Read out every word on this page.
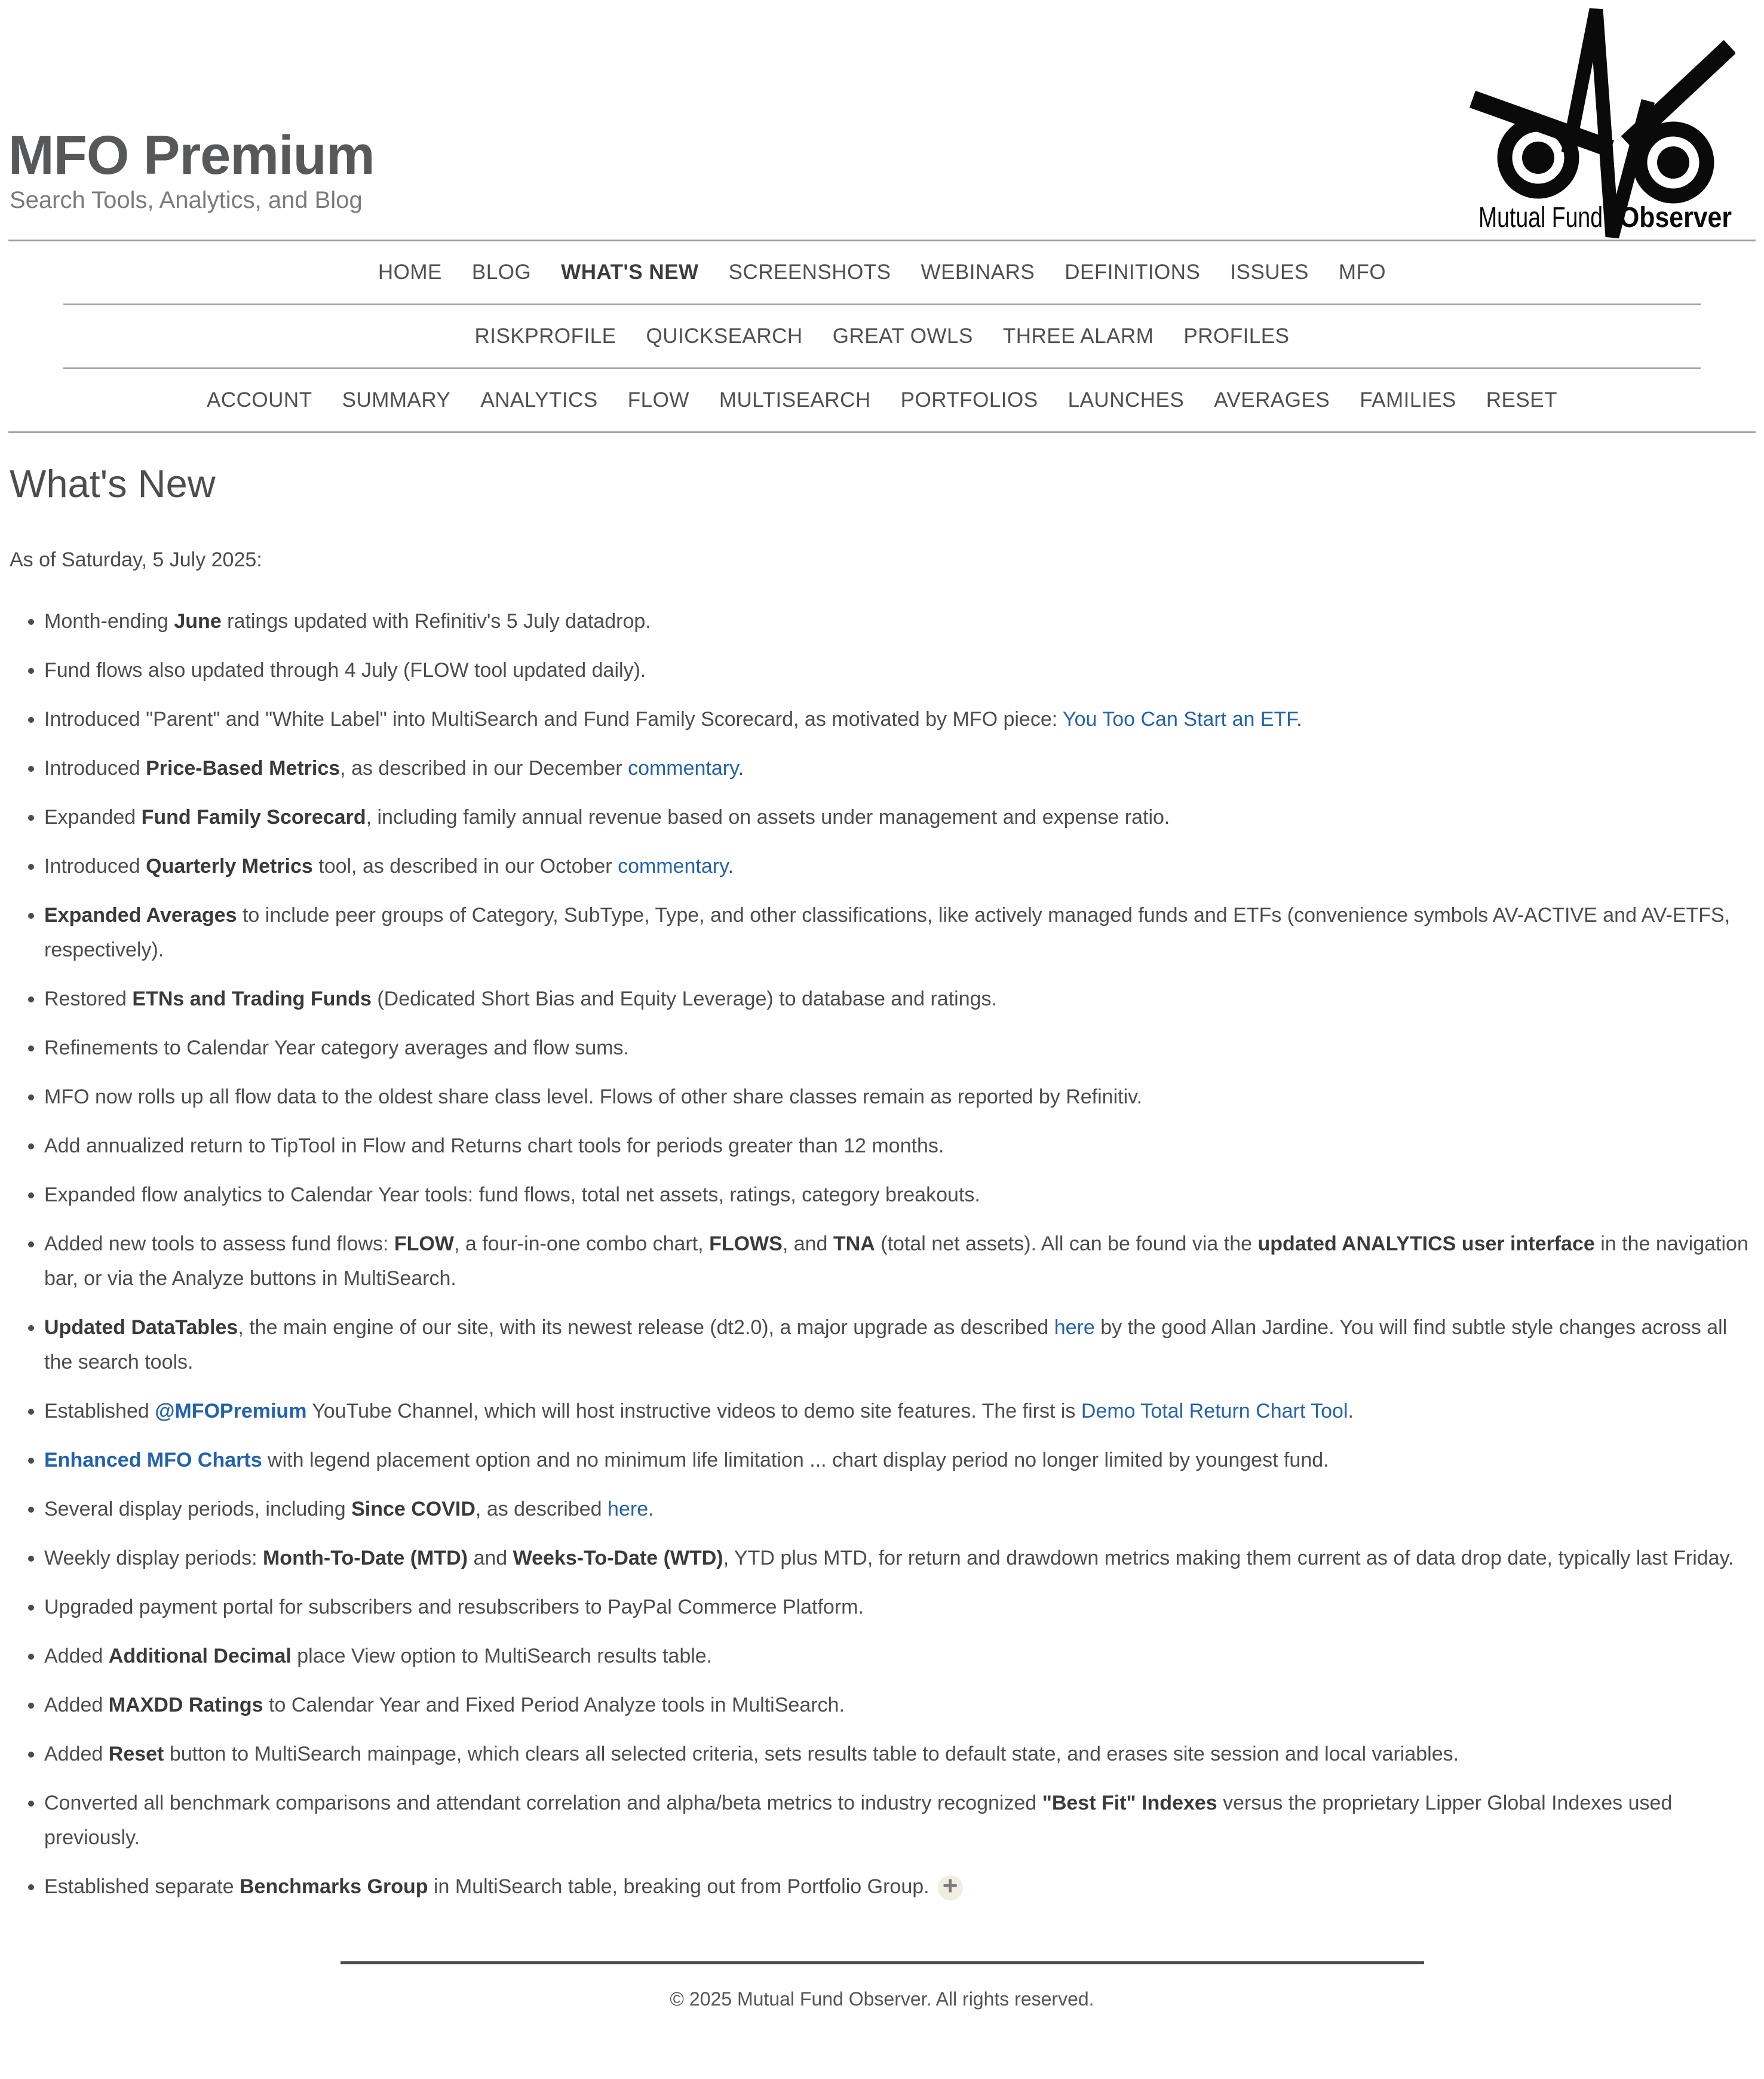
MFO Premium
Search Tools, Analytics, and Blog
Mutual Fund Observer
HOME	BLOG	WHAT'S NEW	SCREENSHOTS	WEBINARS	DEFINITIONS	ISSUES	MFO
RISKPROFILE	QUICKSEARCH	GREAT OWLS	THREE ALARM	PROFILES
ACCOUNT	SUMMARY	ANALYTICS	FLOW	MULTISEARCH	PORTFOLIOS	LAUNCHES	AVERAGES	FAMILIES	RESET
What's New

As of Saturday, 5 July 2025:

• Month-ending June ratings updated with Refinitiv's 5 July datadrop.
• Fund flows also updated through 4 July (FLOW tool updated daily).
• Introduced "Parent" and "White Label" into MultiSearch and Fund Family Scorecard, as motivated by MFO piece: You Too Can Start an ETF.
• Introduced Price-Based Metrics, as described in our December commentary.
• Expanded Fund Family Scorecard, including family annual revenue based on assets under management and expense ratio.
• Introduced Quarterly Metrics tool, as described in our October commentary.
• Expanded Averages to include peer groups of Category, SubType, Type, and other classifications, like actively managed funds and ETFs (convenience symbols AV-ACTIVE and AV-ETFS, respectively).
• Restored ETNs and Trading Funds (Dedicated Short Bias and Equity Leverage) to database and ratings.
• Refinements to Calendar Year category averages and flow sums.
• MFO now rolls up all flow data to the oldest share class level. Flows of other share classes remain as reported by Refinitiv.
• Add annualized return to TipTool in Flow and Returns chart tools for periods greater than 12 months.
• Expanded flow analytics to Calendar Year tools: fund flows, total net assets, ratings, category breakouts.
• Added new tools to assess fund flows: FLOW, a four-in-one combo chart, FLOWS, and TNA (total net assets). All can be found via the updated ANALYTICS user interface in the navigation bar, or via the Analyze buttons in MultiSearch.
• Updated DataTables, the main engine of our site, with its newest release (dt2.0), a major upgrade as described here by the good Allan Jardine. You will find subtle style changes across all the search tools.
• Established @MFOPremium YouTube Channel, which will host instructive videos to demo site features. The first is Demo Total Return Chart Tool.
• Enhanced MFO Charts with legend placement option and no minimum life limitation ... chart display period no longer limited by youngest fund.
• Several display periods, including Since COVID, as described here.
• Weekly display periods: Month-To-Date (MTD) and Weeks-To-Date (WTD), YTD plus MTD, for return and drawdown metrics making them current as of data drop date, typically last Friday.
• Upgraded payment portal for subscribers and resubscribers to PayPal Commerce Platform.
• Added Additional Decimal place View option to MultiSearch results table.
• Added MAXDD Ratings to Calendar Year and Fixed Period Analyze tools in MultiSearch.
• Added Reset button to MultiSearch mainpage, which clears all selected criteria, sets results table to default state, and erases site session and local variables.
• Converted all benchmark comparisons and attendant correlation and alpha/beta metrics to industry recognized "Best Fit" Indexes versus the proprietary Lipper Global Indexes used previously.
• Established separate Benchmarks Group in MultiSearch table, breaking out from Portfolio Group. +

© 2025 Mutual Fund Observer. All rights reserved.
